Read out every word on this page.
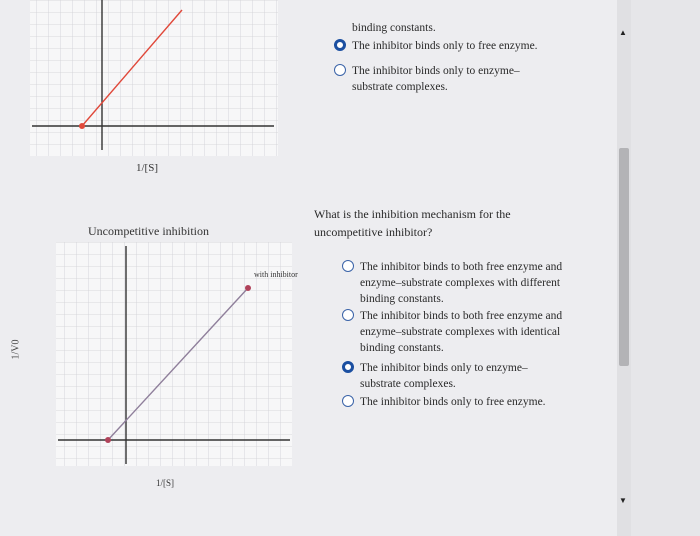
1/[S]
binding constants.
The inhibitor binds only to free enzyme.
The inhibitor binds only to enzyme–substrate complexes.
Uncompetitive inhibition
with inhibitor
1/[S]
1/V0
What is the inhibition mechanism for the uncompetitive inhibitor?
The inhibitor binds to both free enzyme and enzyme–substrate complexes with different binding constants.
The inhibitor binds to both free enzyme and enzyme–substrate complexes with identical binding constants.
The inhibitor binds only to enzyme–substrate complexes.
The inhibitor binds only to free enzyme.
▲
▼
